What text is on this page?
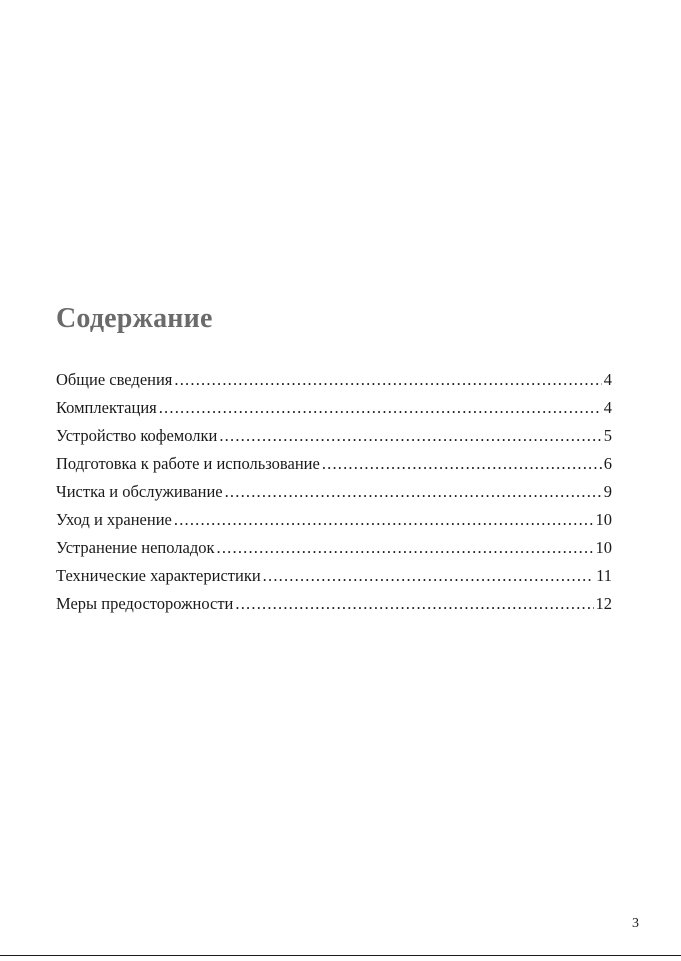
Содержание
Общие сведения .....	4
Комплектация .....	4
Устройство кофемолки .....	5
Подготовка к работе и использование .....	6
Чистка и обслуживание .....	9
Уход и хранение .....	10
Устранение неполадок .....	10
Технические характеристики .....	11
Меры предосторожности .....	12
3
